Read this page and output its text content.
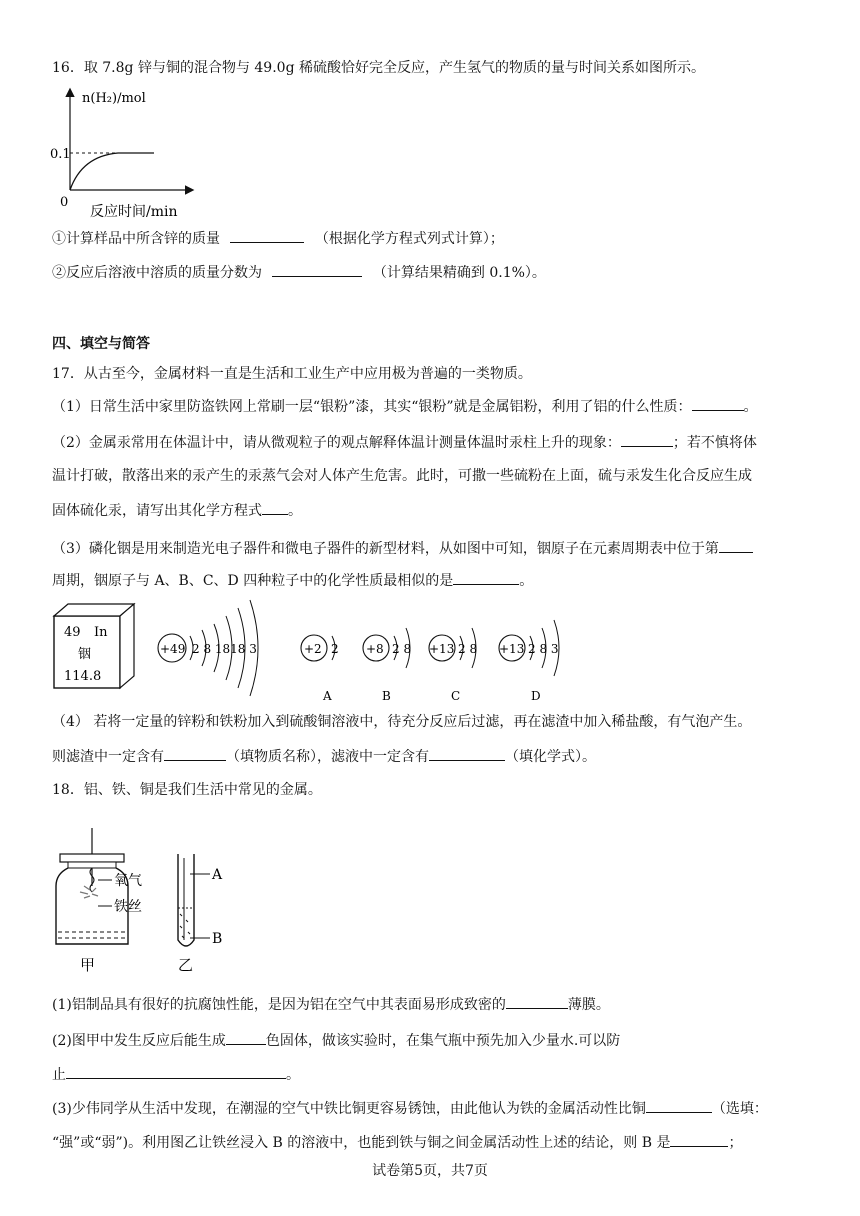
16．取 7.8g 锌与铜的混合物与 49.0g 稀硫酸恰好完全反应，产生氢气的物质的量与时间关系如图所示。
n(H₂)/mol
0.1
0
反应时间/min
①计算样品中所含锌的质量	（根据化学方程式列式计算）；
②反应后溶液中溶质的质量分数为	（计算结果精确到 0.1%）。
四、填空与简答
17．从古至今，金属材料一直是生活和工业生产中应用极为普遍的一类物质。
（1）日常生活中家里防盗铁网上常刷一层“银粉”漆，其实“银粉”就是金属铝粉，利用了铝的什么性质：	。
（2）金属汞常用在体温计中，请从微观粒子的观点解释体温计测量体温时汞柱上升的现象：	；若不慎将体
温计打破，散落出来的汞产生的汞蒸气会对人体产生危害。此时，可撒一些硫粉在上面，硫与汞发生化合反应生成
固体硫化汞，请写出其化学方程式 。
（3）磷化铟是用来制造光电子器件和微电子器件的新型材料，从如图中可知，铟原子在元素周期表中位于第
周期，铟原子与 A、B、C、D 四种粒子中的化学性质最相似的是	。
49 In
铟
114.8
+49 2 8 1818 3	+2 2
A
+8 2 8
B
+13 2 8
C
+13 2 8 3
D
（4） 若将一定量的锌粉和铁粉加入到硫酸铜溶液中，待充分反应后过滤，再在滤渣中加入稀盐酸，有气泡产生。
则滤渣中一定含有	（填物质名称），滤液中一定含有	（填化学式）。
18．铝、铁、铜是我们生活中常见的金属。
氧气
铁丝
甲
A
B
乙
(1)铝制品具有很好的抗腐蚀性能，是因为铝在空气中其表面易形成致密的	薄膜。
(2)图甲中发生反应后能生成	色固体，做该实验时，在集气瓶中预先加入少量水.可以防
止	。
(3)少伟同学从生活中发现，在潮湿的空气中铁比铜更容易锈蚀，由此他认为铁的金属活动性比铜	（选填：
“强”或“弱”)。利用图乙让铁丝浸入 B 的溶液中，也能到铁与铜之间金属活动性上述的结论，则 B 是	；
试卷第5页，共7页
